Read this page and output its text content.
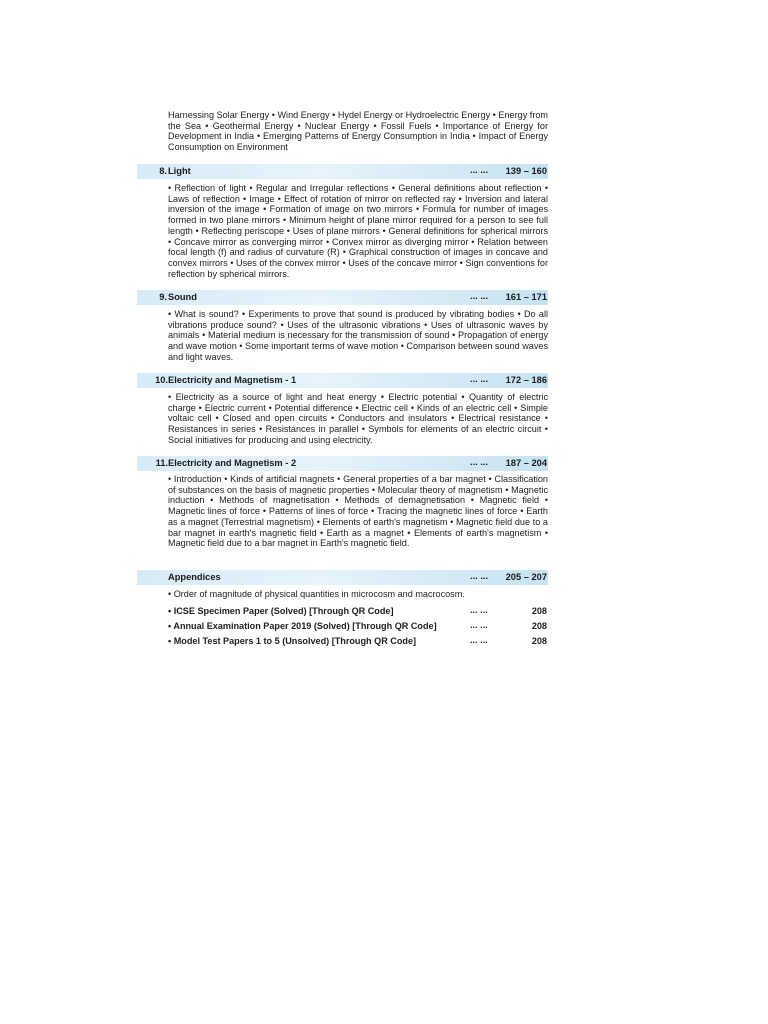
Harnessing Solar Energy • Wind Energy • Hydel Energy or Hydroelectric Energy • Energy from the Sea • Geothermal Energy • Nuclear Energy • Fossil Fuels • Importance of Energy for Development in India • Emerging Patterns of Energy Consumption in India • Impact of Energy Consumption on Environment

8. Light	... ... 139 – 160

• Reflection of light • Regular and Irregular reflections • General definitions about reflection • Laws of reflection • Image • Effect of rotation of mirror on reflected ray • Inversion and lateral inversion of the image • Formation of image on two mirrors • Formula for number of images formed in two plane mirrors • Minimum height of plane mirror required for a person to see full length • Reflecting periscope • Uses of plane mirrors • General definitions for spherical mirrors • Concave mirror as converging mirror • Convex mirror as diverging mirror • Relation between focal length (f) and radius of curvature (R) • Graphical construction of images in concave and convex mirrors • Uses of the convex mirror • Uses of the concave mirror • Sign conventions for reflection by spherical mirrors.

9. Sound	... ... 161 – 171

• What is sound? • Experiments to prove that sound is produced by vibrating bodies • Do all vibrations produce sound? • Uses of the ultrasonic vibrations • Uses of ultrasonic waves by animals • Material medium is necessary for the transmission of sound • Propagation of energy and wave motion • Some important terms of wave motion • Comparison between sound waves and light waves.

10. Electricity and Magnetism - 1	... ... 172 – 186

• Electricity as a source of light and heat energy • Electric potential • Quantity of electric charge • Electric current • Potential difference • Electric cell • Kinds of an electric cell • Simple voltaic cell • Closed and open circuits • Conductors and insulators • Electrical resistance • Resistances in series • Resistances in parallel • Symbols for elements of an electric circuit • Social initiatives for producing and using electricity.

11. Electricity and Magnetism - 2	... ... 187 – 204

• Introduction • Kinds of artificial magnets • General properties of a bar magnet • Classification of substances on the basis of magnetic properties • Molecular theory of magnetism • Magnetic induction • Methods of magnetisation • Methods of demagnetisation • Magnetic field • Magnetic lines of force • Patterns of lines of force • Tracing the magnetic lines of force • Earth as a magnet (Terrestrial magnetism) • Elements of earth's magnetism • Magnetic field due to a bar magnet in earth's magnetic field • Earth as a magnet • Elements of earth's magnetism • Magnetic field due to a bar magnet in Earth's magnetic field.

Appendices	... ... 205 – 207

• Order of magnitude of physical quantities in microcosm and macrocosm.

• ICSE Specimen Paper (Solved) [Through QR Code]	... ...	208
• Annual Examination Paper 2019 (Solved) [Through QR Code]	... ...	208
• Model Test Papers 1 to 5 (Unsolved) [Through QR Code]	... ...	208
